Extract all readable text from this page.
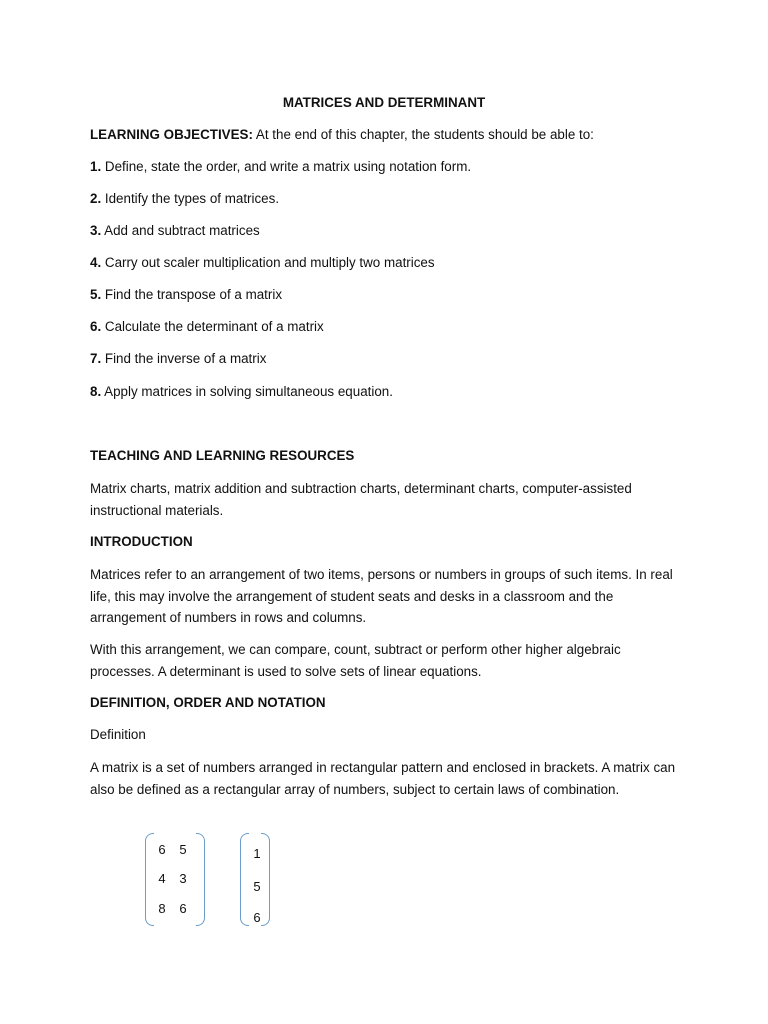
MATRICES AND DETERMINANT
LEARNING OBJECTIVES: At the end of this chapter, the students should be able to:
1. Define, state the order, and write a matrix using notation form.
2. Identify the types of matrices.
3. Add and subtract matrices
4. Carry out scaler multiplication and multiply two matrices
5. Find the transpose of a matrix
6. Calculate the determinant of a matrix
7. Find the inverse of a matrix
8. Apply matrices in solving simultaneous equation.
TEACHING AND LEARNING RESOURCES
Matrix charts, matrix addition and subtraction charts, determinant charts, computer-assisted instructional materials.
INTRODUCTION
Matrices refer to an arrangement of two items, persons or numbers in groups of such items. In real life, this may involve the arrangement of student seats and desks in a classroom and the arrangement of numbers in rows and columns.
With this arrangement, we can compare, count, subtract or perform other higher algebraic processes. A determinant is used to solve sets of linear equations.
DEFINITION, ORDER AND NOTATION
Definition
A matrix is a set of numbers arranged in rectangular pattern and enclosed in brackets. A matrix can also be defined as a rectangular array of numbers, subject to certain laws of combination.
6 5
4 3
8 6
1
5
6
